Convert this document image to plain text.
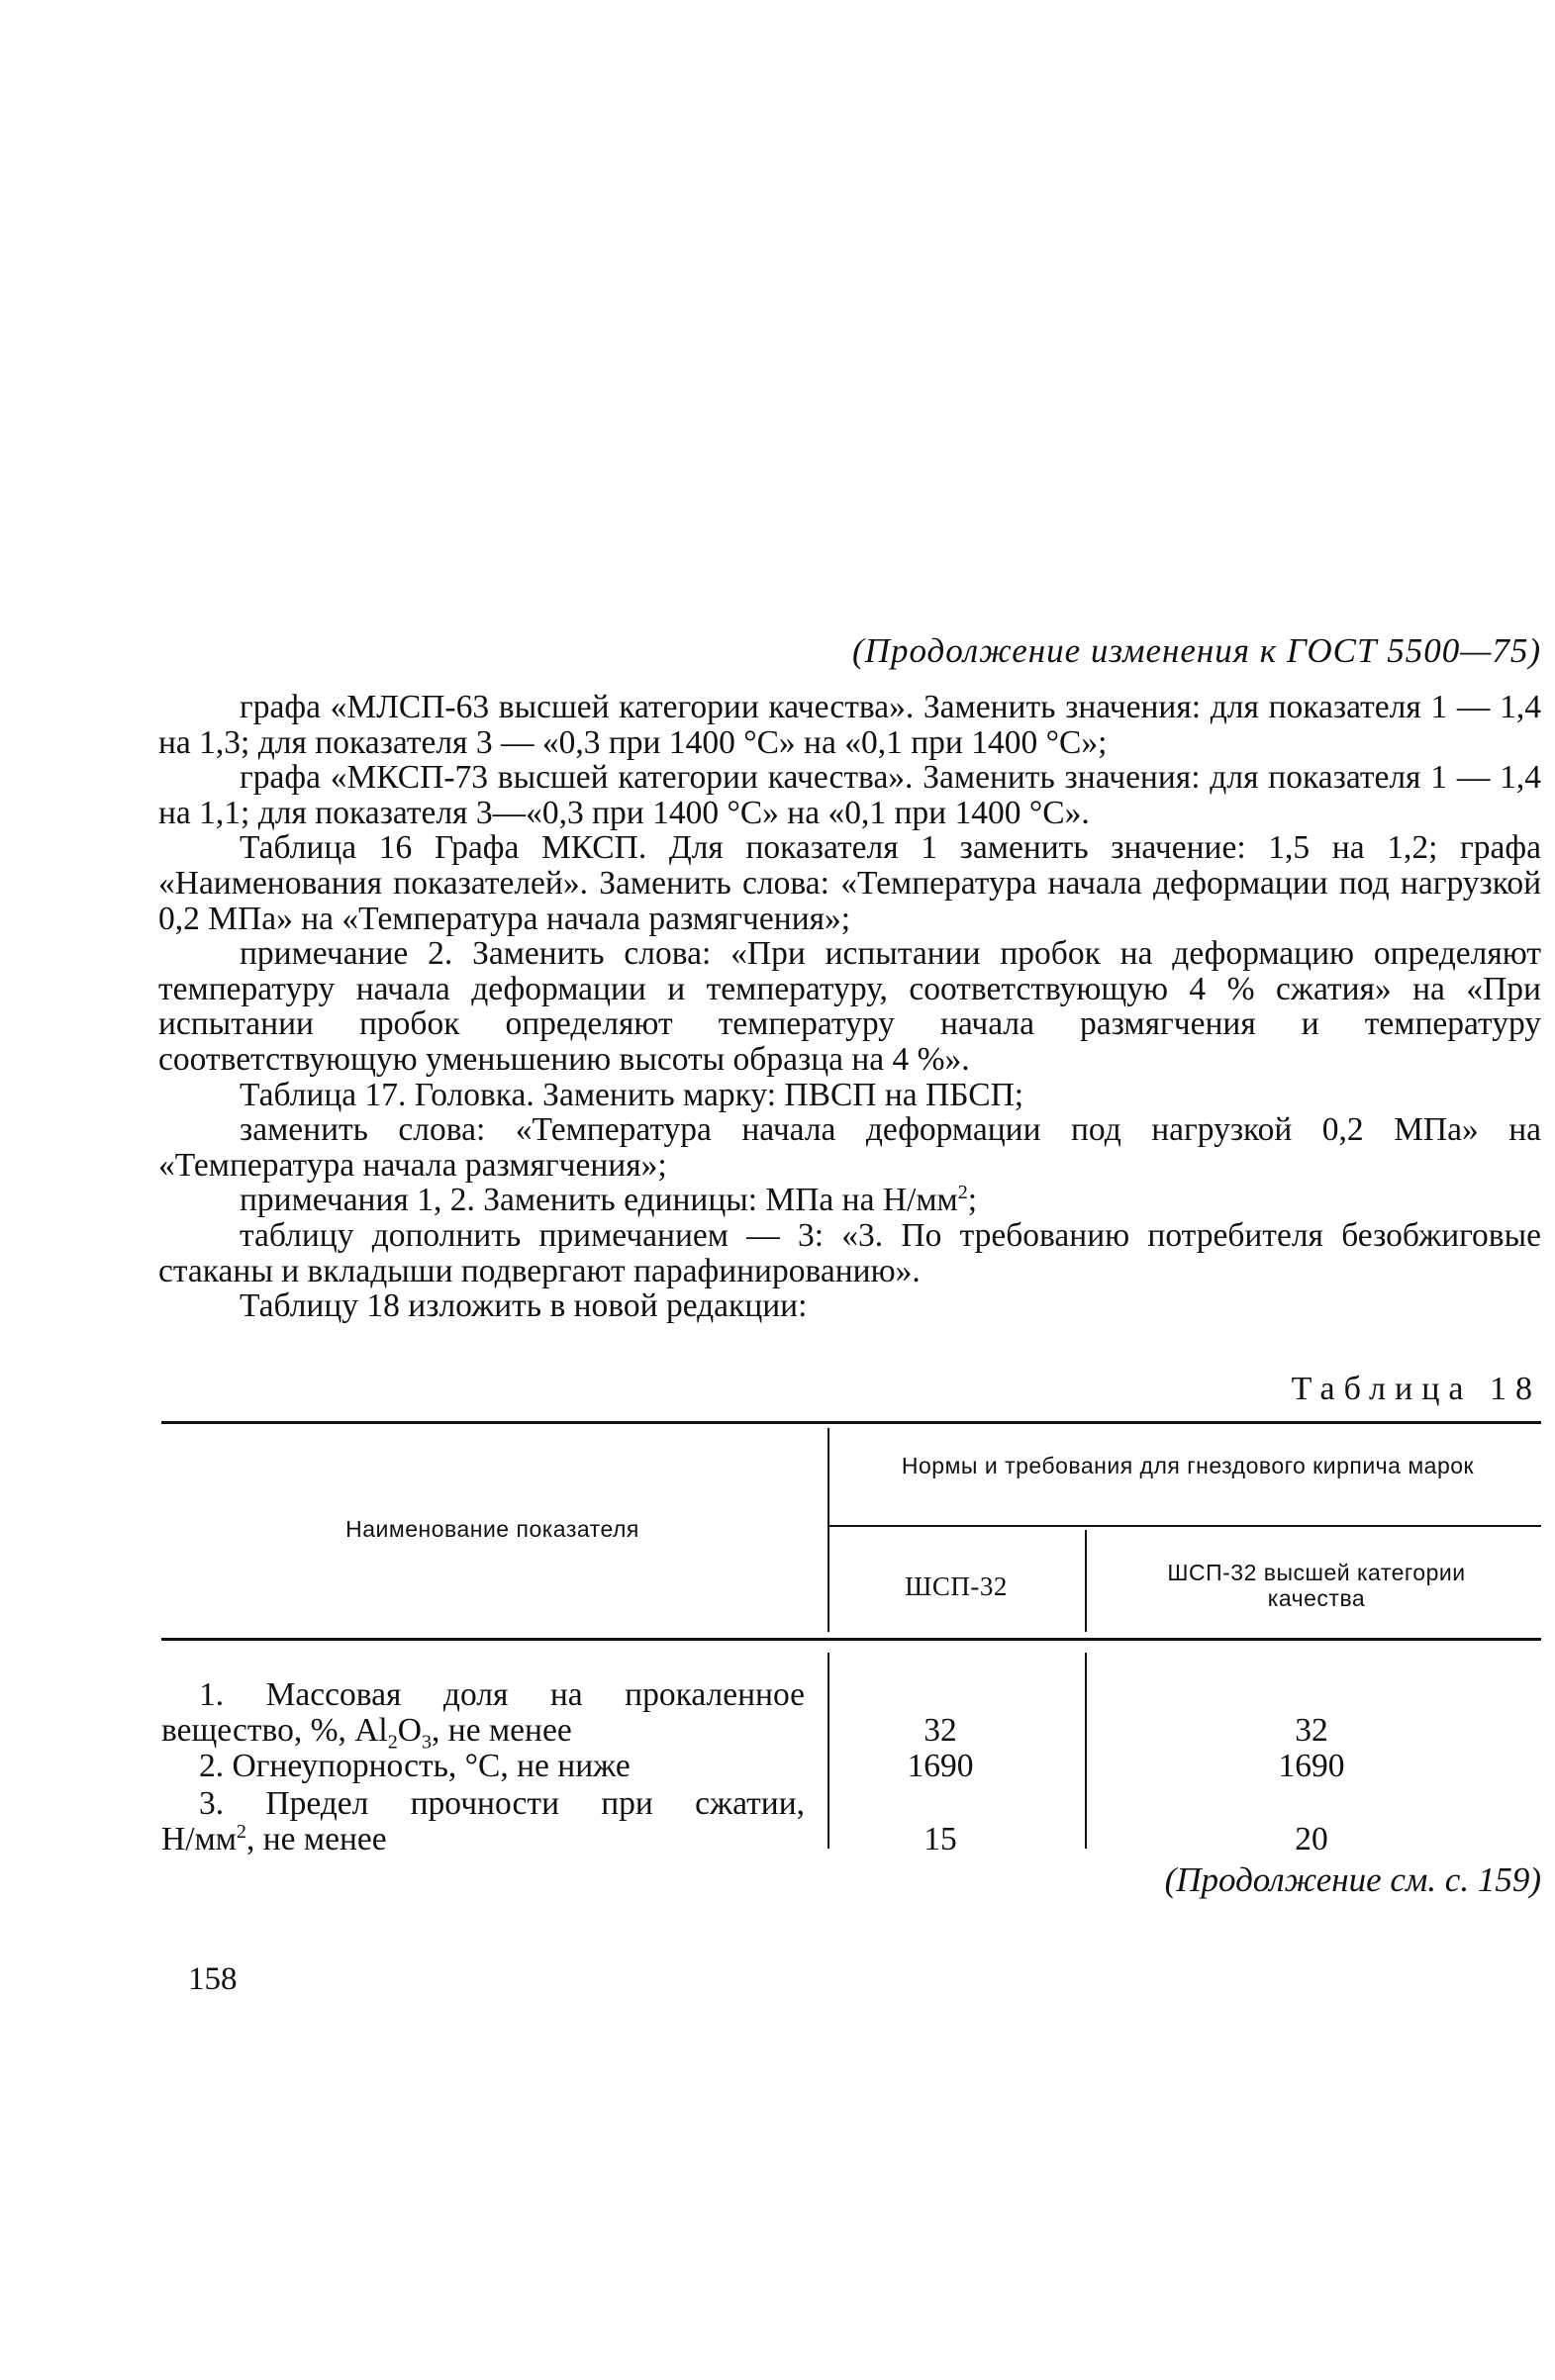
(Продолжение изменения к ГОСТ 5500—75)

графа «МЛСП-63 высшей категории качества». Заменить значения: для показателя 1 — 1,4 на 1,3; для показателя 3 — «0,3 при 1400 °С» на «0,1 при 1400 °С»;

графа «МКСП-73 высшей категории качества». Заменить значения: для показателя 1 — 1,4 на 1,1; для показателя 3—«0,3 при 1400 °С» на «0,1 при 1400 °С».

Таблица 16 Графа МКСП. Для показателя 1 заменить значение: 1,5 на 1,2; графа «Наименования показателей». Заменить слова: «Температура начала деформации под нагрузкой 0,2 МПа» на «Температура начала размягчения»;

примечание 2. Заменить слова: «При испытании пробок на деформацию определяют температуру начала деформации и температуру, соответствующую 4 % сжатия» на «При испытании пробок определяют температуру начала размягчения и температуру соответствующую уменьшению высоты образца на 4 %».

Таблица 17. Головка. Заменить марку: ПВСП на ПБСП;

заменить слова: «Температура начала деформации под нагрузкой 0,2 МПа» на «Температура начала размягчения»;

примечания 1, 2. Заменить единицы: МПа на $Н/мм^2$;

таблицу дополнить примечанием — 3: «3. По требованию потребителя безобжиговые стаканы и вкладыши подвергают парафинированию».

Таблицу 18 изложить в новой редакции:

Таблица 18
Наименование показателя
Нормы и требования для гнездового кирпича марок
ШСП-32	ШСП-32 высшей категории качества
1. Массовая доля на прокаленное
вещество, %, $Al_2O_3$, не менее	32	32
2. Огнеупорность, °С, не ниже	1690	1690
3. Предел прочности при сжатии,
$Н/мм^2$, не менее	15	20
(Продолжение см. с. 159)
158
